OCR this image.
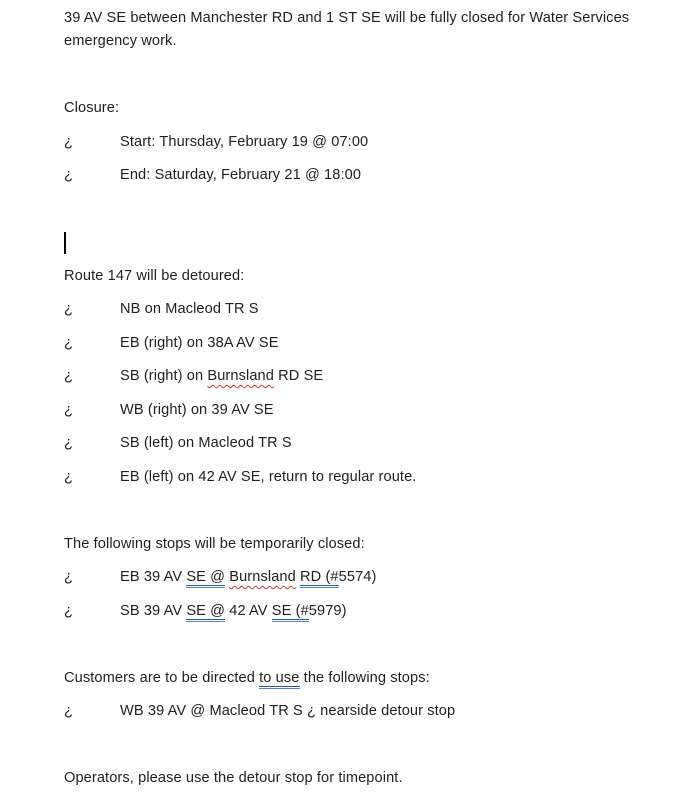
39 AV SE between Manchester RD and 1 ST SE will be fully closed for Water Services
emergency work.

Closure:

¿	Start: Thursday, February 19 @ 07:00

¿	End: Saturday, February 21 @ 18:00

Route 147 will be detoured:

¿	NB on Macleod TR S

¿	EB (right) on 38A AV SE

¿	SB (right) on Burnsland RD SE

¿	WB (right) on 39 AV SE

¿	SB (left) on Macleod TR S

¿	EB (left) on 42 AV SE, return to regular route.

The following stops will be temporarily closed:

¿	EB 39 AV SE @ Burnsland RD (#5574)

¿	SB 39 AV SE @ 42 AV SE (#5979)

Customers are to be directed to use the following stops:

¿	WB 39 AV @ Macleod TR S ¿ nearside detour stop

Operators, please use the detour stop for timepoint.
